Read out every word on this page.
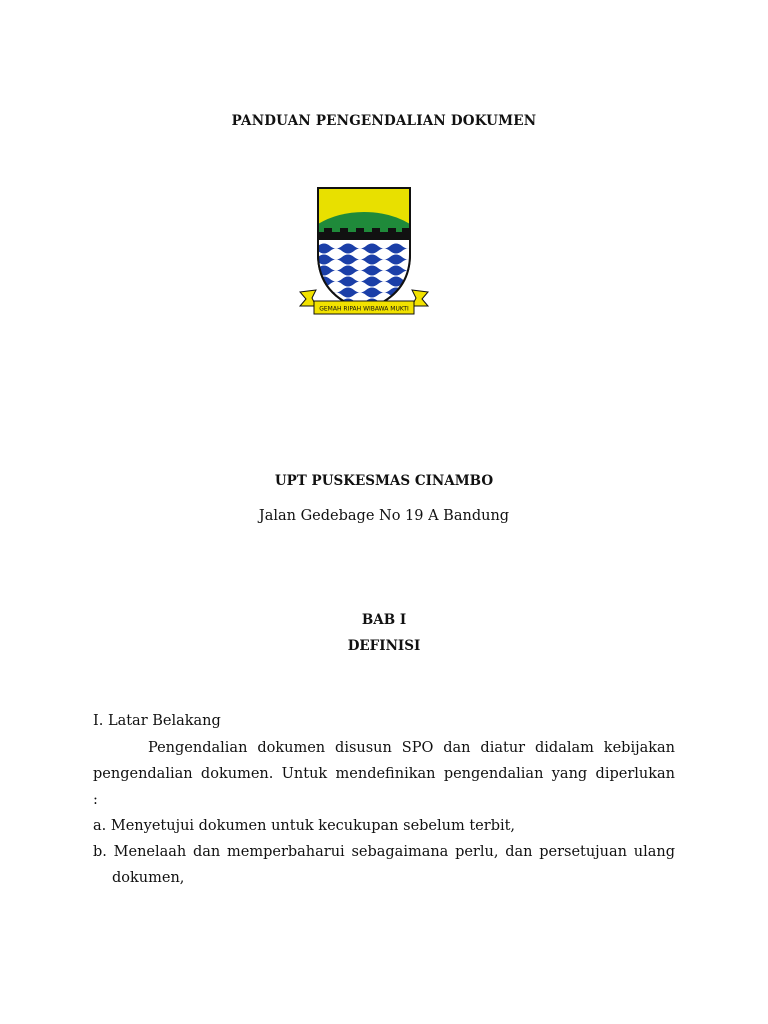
PANDUAN PENGENDALIAN DOKUMEN
GEMAH RIPAH WIBAWA MUKTI
UPT PUSKESMAS CINAMBO
Jalan Gedebage No 19 A Bandung
BAB I
DEFINISI
I. Latar Belakang
Pengendalian dokumen disusun SPO dan diatur didalam kebijakan
pengendalian dokumen. Untuk mendefinikan pengendalian yang diperlukan
:
a. Menyetujui dokumen untuk kecukupan sebelum terbit,
b. Menelaah dan memperbaharui sebagaimana perlu, dan persetujuan ulang
dokumen,
